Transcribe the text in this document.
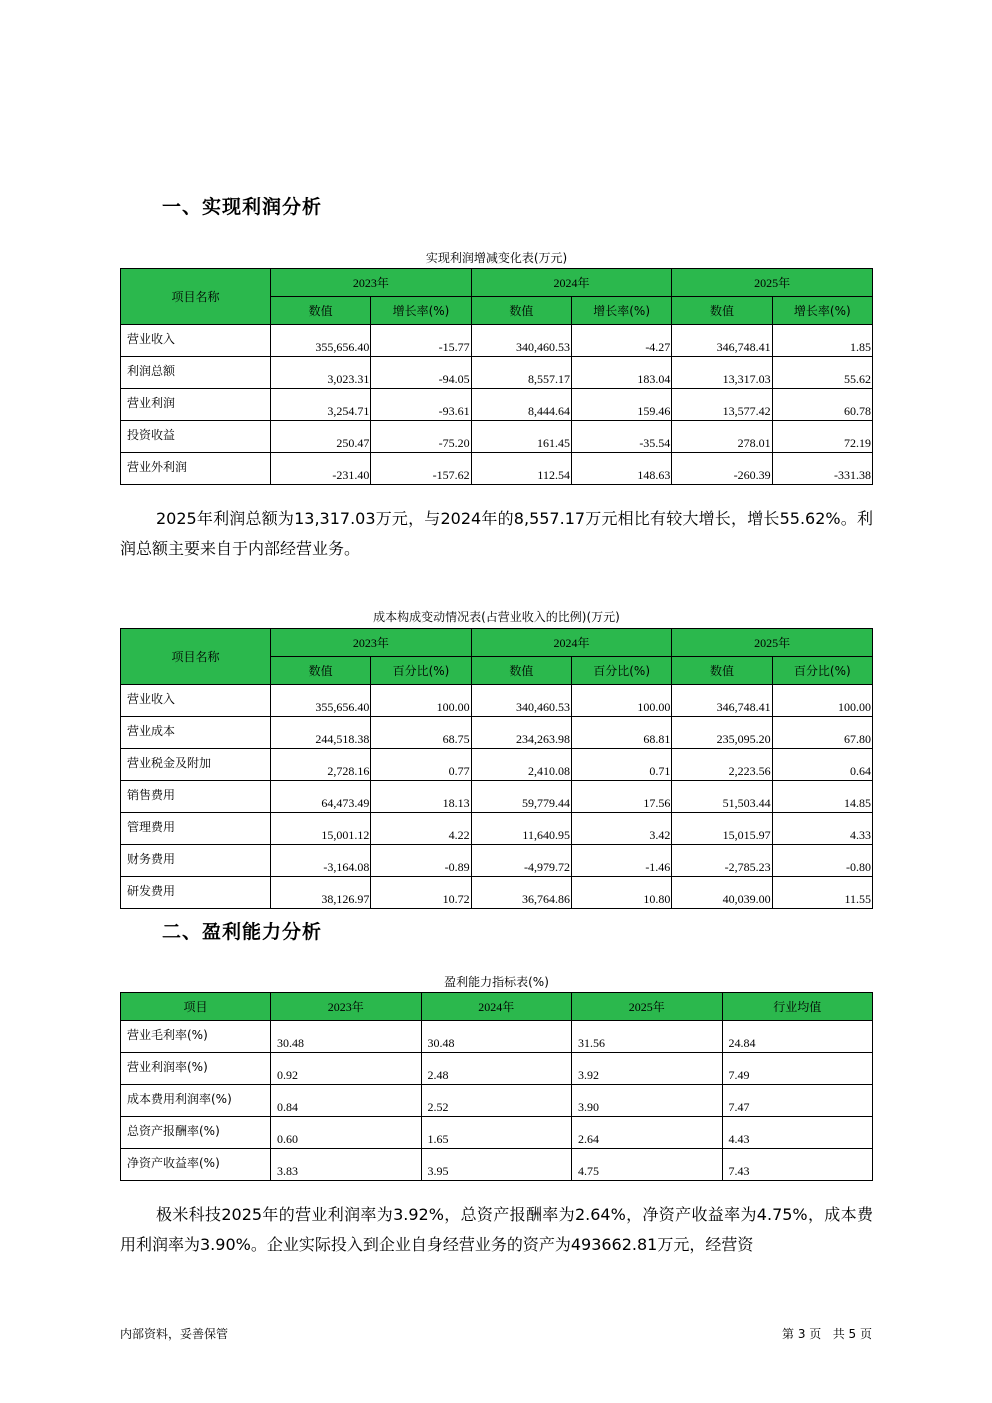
一、实现利润分析
实现利润增减变化表(万元)
项目名称	2023年		2024年		2025年	
	数值	增长率(%)	数值	增长率(%)	数值	增长率(%)
营业收入	355,656.40	-15.77	340,460.53	-4.27	346,748.41	1.85
利润总额	3,023.31	-94.05	8,557.17	183.04	13,317.03	55.62
营业利润	3,254.71	-93.61	8,444.64	159.46	13,577.42	60.78
投资收益	250.47	-75.20	161.45	-35.54	278.01	72.19
营业外利润	-231.40	-157.62	112.54	148.63	-260.39	-331.38
2025年利润总额为13,317.03万元，与2024年的8,557.17万元相比有较大增长，增长55.62%。利润总额主要来自于内部经营业务。
成本构成变动情况表(占营业收入的比例)(万元)
项目名称	2023年		2024年		2025年	
	数值	百分比(%)	数值	百分比(%)	数值	百分比(%)
营业收入	355,656.40	100.00	340,460.53	100.00	346,748.41	100.00
营业成本	244,518.38	68.75	234,263.98	68.81	235,095.20	67.80
营业税金及附加	2,728.16	0.77	2,410.08	0.71	2,223.56	0.64
销售费用	64,473.49	18.13	59,779.44	17.56	51,503.44	14.85
管理费用	15,001.12	4.22	11,640.95	3.42	15,015.97	4.33
财务费用	-3,164.08	-0.89	-4,979.72	-1.46	-2,785.23	-0.80
研发费用	38,126.97	10.72	36,764.86	10.80	40,039.00	11.55
二、盈利能力分析
盈利能力指标表(%)
项目	2023年	2024年	2025年	行业均值
营业毛利率(%)	30.48	30.48	31.56	24.84
营业利润率(%)	0.92	2.48	3.92	7.49
成本费用利润率(%)	0.84	2.52	3.90	7.47
总资产报酬率(%)	0.60	1.65	2.64	4.43
净资产收益率(%)	3.83	3.95	4.75	7.43
极米科技2025年的营业利润率为3.92%，总资产报酬率为2.64%，净资产收益率为4.75%，成本费用利润率为3.90%。企业实际投入到企业自身经营业务的资产为493662.81万元，经营资
内部资料，妥善保管	第 3 页   共 5 页
